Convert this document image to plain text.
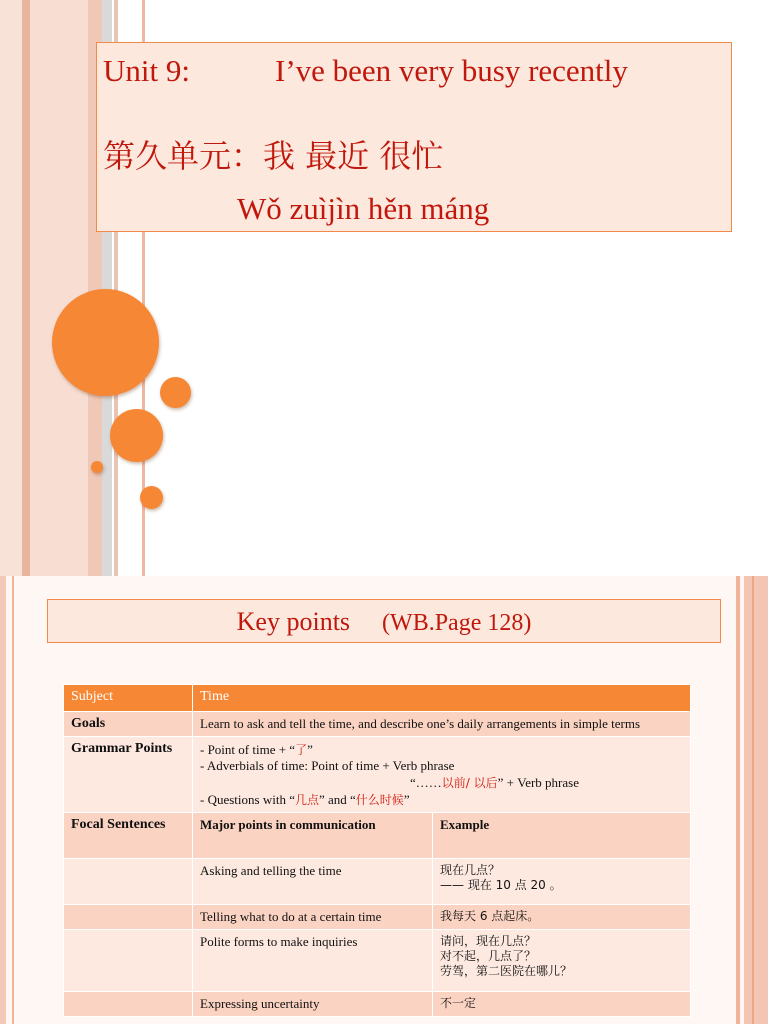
Unit 9:	I’ve been very busy recently
第久单元：我 最近 很忙
Wǒ zuìjìn hěn máng
Key points (WB.Page 128)
Subject	Time	
Goals	Learn to ask and tell the time, and describe one’s daily arrangements in simple terms	
Grammar Points	- Point of time + “了”
- Adverbials of time: Point of time + Verb phrase
“……以前/ 以后” + Verb phrase
- Questions with “几点” and “什么时候”	

Focal Sentences	Major points in communication	Example
	Asking and telling the time	现在几点？
—— 现在 10 点 20 。
	Telling what to do at a certain time	我每天 6 点起床。
	Polite forms to make inquiries	请问，现在几点？
对不起，几点了？
劳驾，第二医院在哪儿？
	Expressing uncertainty	不一定
